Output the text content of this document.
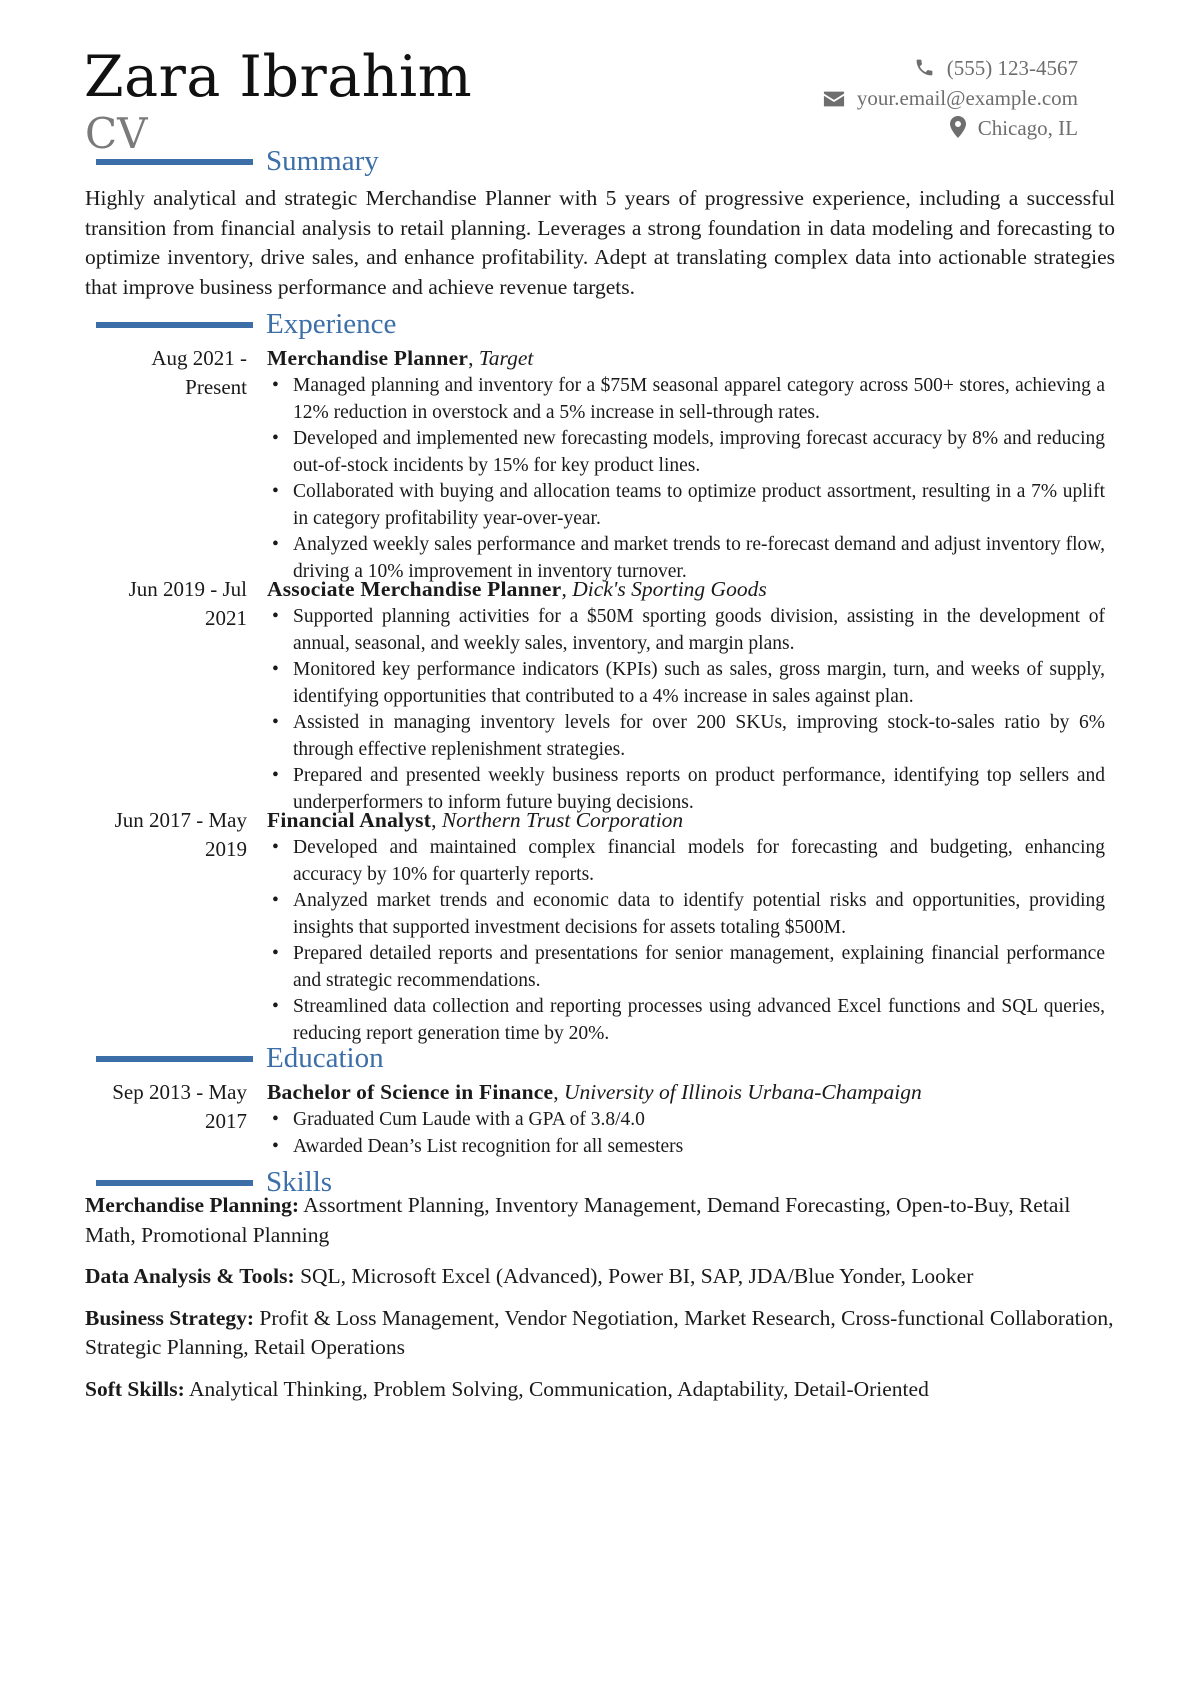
Zara Ibrahim
CV
(555) 123-4567
your.email@example.com
Chicago, IL
Summary

Highly analytical and strategic Merchandise Planner with 5 years of progressive experience, including a successful transition from financial analysis to retail planning. Leverages a strong foundation in data modeling and forecasting to optimize inventory, drive sales, and enhance profitability. Adept at translating complex data into actionable strategies that improve business performance and achieve revenue targets.

Experience
Aug 2021 - Present
Merchandise Planner, Target
• Managed planning and inventory for a $75M seasonal apparel category across 500+ stores, achieving a 12% reduction in overstock and a 5% increase in sell-through rates.
• Developed and implemented new forecasting models, improving forecast accuracy by 8% and reducing out-of-stock incidents by 15% for key product lines.
• Collaborated with buying and allocation teams to optimize product assortment, resulting in a 7% uplift in category profitability year-over-year.
• Analyzed weekly sales performance and market trends to re-forecast demand and adjust inventory flow, driving a 10% improvement in inventory turnover.
Jun 2019 - Jul 2021
Associate Merchandise Planner, Dick's Sporting Goods
• Supported planning activities for a $50M sporting goods division, assisting in the development of annual, seasonal, and weekly sales, inventory, and margin plans.
• Monitored key performance indicators (KPIs) such as sales, gross margin, turn, and weeks of supply, identifying opportunities that contributed to a 4% increase in sales against plan.
• Assisted in managing inventory levels for over 200 SKUs, improving stock-to-sales ratio by 6% through effective replenishment strategies.
• Prepared and presented weekly business reports on product performance, identifying top sellers and underperformers to inform future buying decisions.
Jun 2017 - May 2019
Financial Analyst, Northern Trust Corporation
• Developed and maintained complex financial models for forecasting and budgeting, enhancing accuracy by 10% for quarterly reports.
• Analyzed market trends and economic data to identify potential risks and opportunities, providing insights that supported investment decisions for assets totaling $500M.
• Prepared detailed reports and presentations for senior management, explaining financial performance and strategic recommendations.
• Streamlined data collection and reporting processes using advanced Excel functions and SQL queries, reducing report generation time by 20%.
Education
Sep 2013 - May 2017
Bachelor of Science in Finance, University of Illinois Urbana-Champaign
• Graduated Cum Laude with a GPA of 3.8/4.0
• Awarded Dean’s List recognition for all semesters
Skills
Merchandise Planning: Assortment Planning, Inventory Management, Demand Forecasting, Open-to-Buy, Retail Math, Promotional Planning
Data Analysis & Tools: SQL, Microsoft Excel (Advanced), Power BI, SAP, JDA/Blue Yonder, Looker
Business Strategy: Profit & Loss Management, Vendor Negotiation, Market Research, Cross-functional Collaboration, Strategic Planning, Retail Operations
Soft Skills: Analytical Thinking, Problem Solving, Communication, Adaptability, Detail-Oriented
